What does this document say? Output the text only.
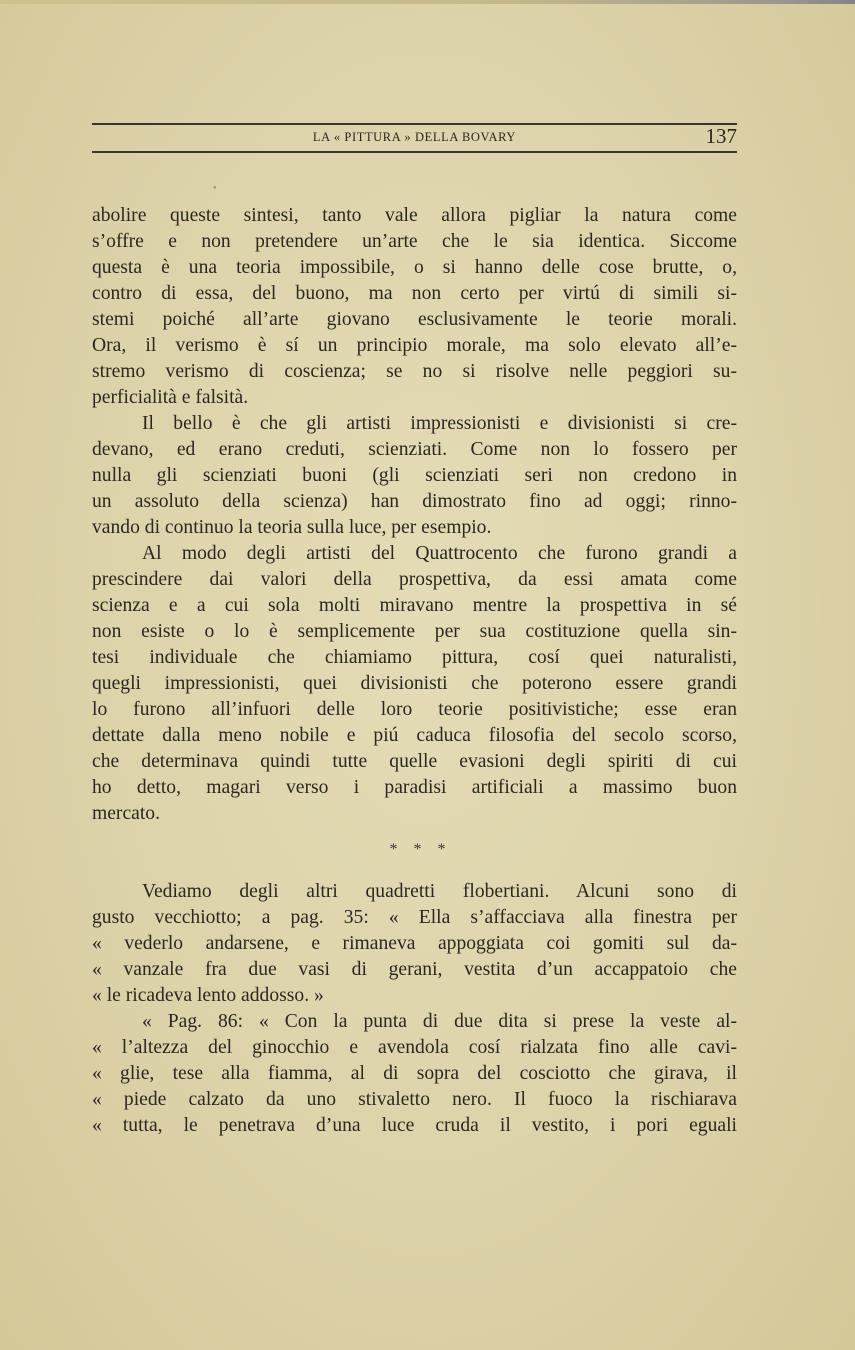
•
LA « PITTURA » DELLA BOVARY	137
abolire queste sintesi, tanto vale allora pigliar la natura come
s’offre e non pretendere un’arte che le sia identica. Siccome
questa è una teoria impossibile, o si hanno delle cose brutte, o,
contro di essa, del buono, ma non certo per virtú di simili si-
stemi poiché all’arte giovano esclusivamente le teorie morali.
Ora, il verismo è sí un principio morale, ma solo elevato all’e-
stremo verismo di coscienza; se no si risolve nelle peggiori su-
perficialità e falsità.
Il bello è che gli artisti impressionisti e divisionisti si cre-
devano, ed erano creduti, scienziati. Come non lo fossero per
nulla gli scienziati buoni (gli scienziati seri non credono in
un assoluto della scienza) han dimostrato fino ad oggi; rinno-
vando di continuo la teoria sulla luce, per esempio.
Al modo degli artisti del Quattrocento che furono grandi a
prescindere dai valori della prospettiva, da essi amata come
scienza e a cui sola molti miravano mentre la prospettiva in sé
non esiste o lo è semplicemente per sua costituzione quella sin-
tesi individuale che chiamiamo pittura, cosí quei naturalisti,
quegli impressionisti, quei divisionisti che poterono essere grandi
lo furono all’infuori delle loro teorie positivistiche; esse eran
dettate dalla meno nobile e piú caduca filosofia del secolo scorso,
che determinava quindi tutte quelle evasioni degli spiriti di cui
ho detto, magari verso i paradisi artificiali a massimo buon
mercato.
* * *
Vediamo degli altri quadretti flobertiani. Alcuni sono di
gusto vecchiotto; a pag. 35: « Ella s’affacciava alla finestra per
« vederlo andarsene, e rimaneva appoggiata coi gomiti sul da-
« vanzale fra due vasi di gerani, vestita d’un accappatoio che
« le ricadeva lento addosso. »
« Pag. 86: « Con la punta di due dita si prese la veste al-
« l’altezza del ginocchio e avendola cosí rialzata fino alle cavi-
« glie, tese alla fiamma, al di sopra del cosciotto che girava, il
« piede calzato da uno stivaletto nero. Il fuoco la rischiarava
« tutta, le penetrava d’una luce cruda il vestito, i pori eguali
